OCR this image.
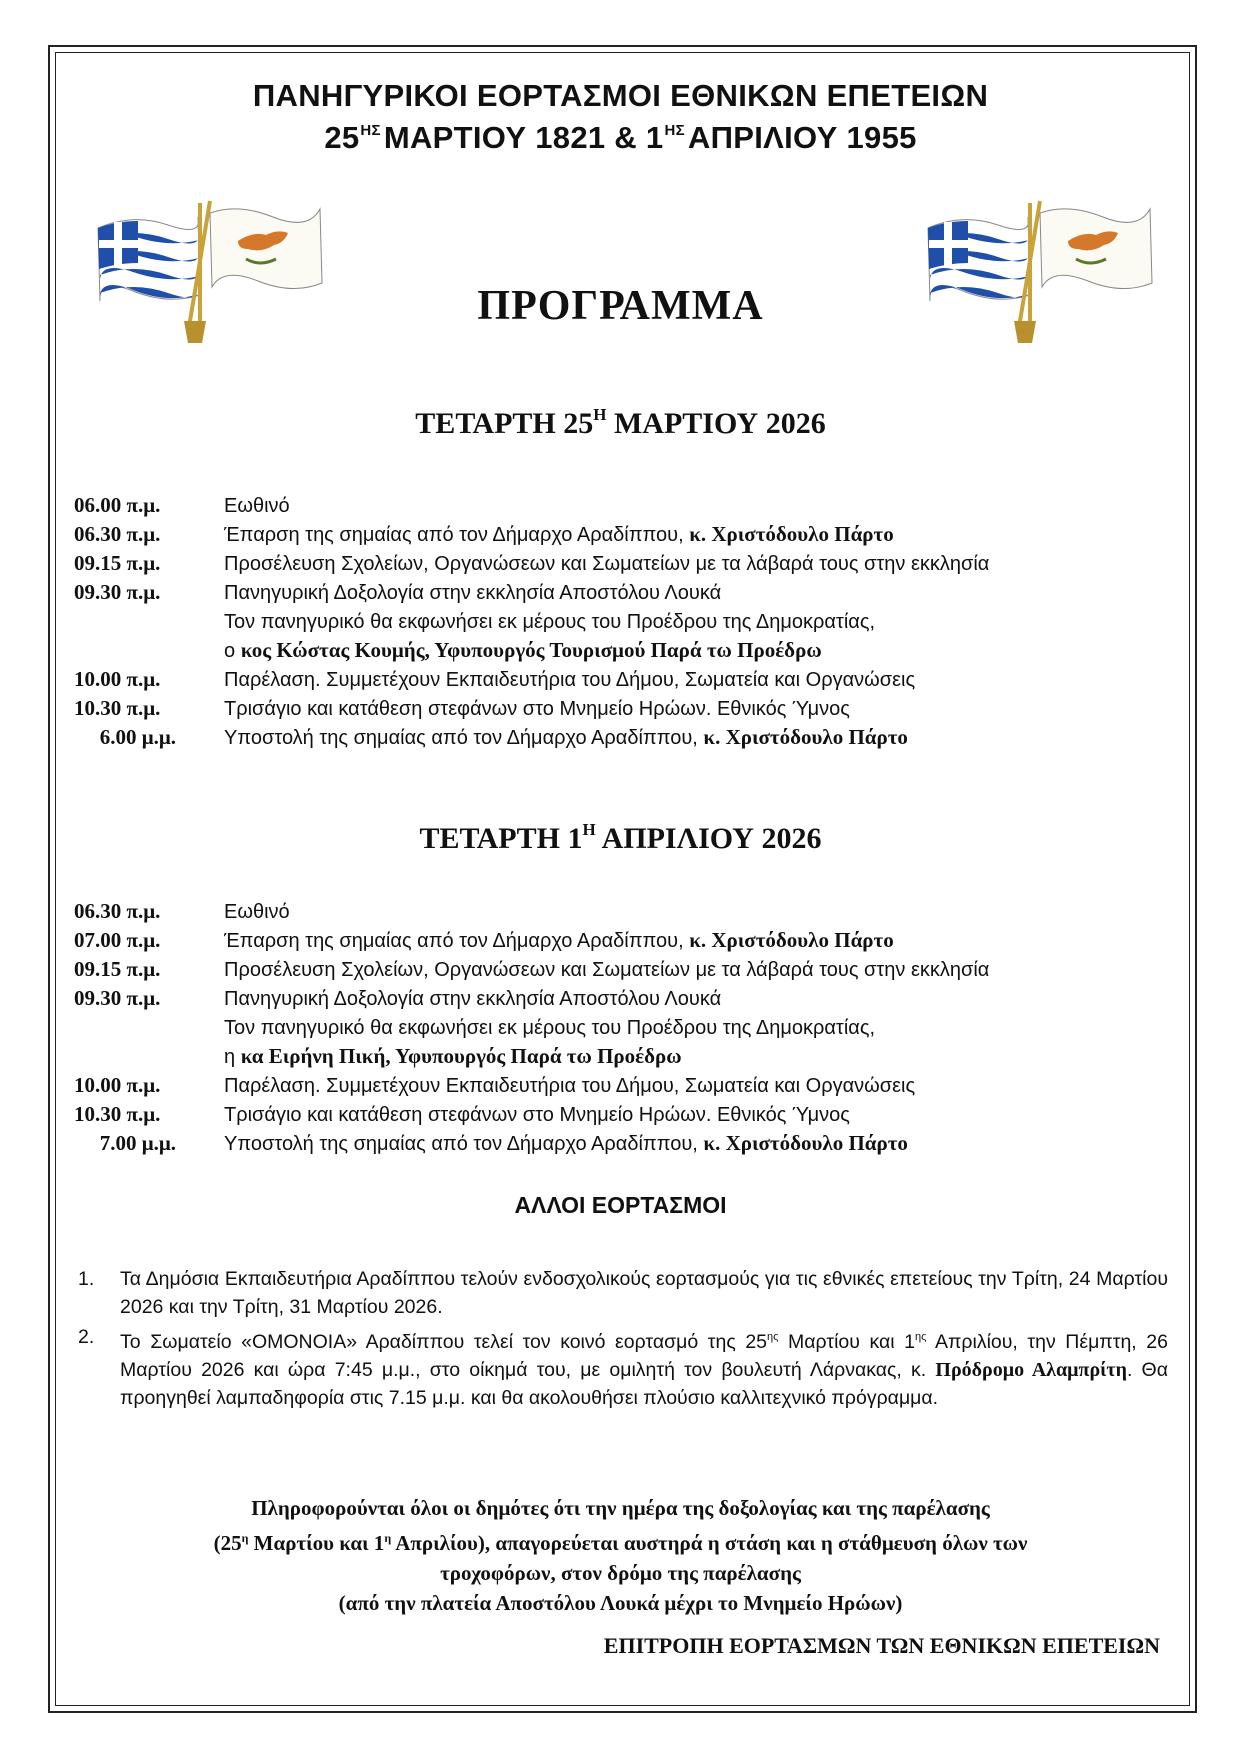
ΠΑΝΗΓΥΡΙΚΟΙ ΕΟΡΤΑΣΜΟΙ ΕΘΝΙΚΩΝ ΕΠΕΤΕΙΩΝ
$25^{H\Sigma}MAPTIO\Upsilon$ 1821 & $1^{H\Sigma}A\Pi PI\Lambda IO\Upsilon$ 1955
ΠΡΟΓΡΑΜΜΑ
ΤΕΤΑΡΤΗ $25^H$ ΜΑΡΤΙΟΥ 2026
06.00 π.μ.	Εωθινό
06.30 π.μ.	Έπαρση της σημαίας από τον Δήμαρχο Αραδίππου, κ. Χριστόδουλο Πάρτο
09.15 π.μ.	Προσέλευση Σχολείων, Οργανώσεων και Σωματείων με τα λάβαρά τους στην εκκλησία
09.30 π.μ.	Πανηγυρική Δοξολογία στην εκκλησία Αποστόλου Λουκά
Τον πανηγυρικό θα εκφωνήσει εκ μέρους του Προέδρου της Δημοκρατίας,
ο κος Κώστας Κουμής, Υφυπουργός Τουρισμού Παρά τω Προέδρω
10.00 π.μ.	Παρέλαση. Συμμετέχουν Εκπαιδευτήρια του Δήμου, Σωματεία και Οργανώσεις
10.30 π.μ.	Τρισάγιο και κατάθεση στεφάνων στο Μνημείο Ηρώων. Εθνικός Ύμνος
6.00 μ.μ. Υποστολή της σημαίας από τον Δήμαρχο Αραδίππου, κ. Χριστόδουλο Πάρτο
ΤΕΤΑΡΤΗ $1^H$ ΑΠΡΙΛΙΟΥ 2026
06.30 π.μ.	Εωθινό
07.00 π.μ.	Έπαρση της σημαίας από τον Δήμαρχο Αραδίππου, κ. Χριστόδουλο Πάρτο
09.15 π.μ.	Προσέλευση Σχολείων, Οργανώσεων και Σωματείων με τα λάβαρά τους στην εκκλησία
09.30 π.μ.	Πανηγυρική Δοξολογία στην εκκλησία Αποστόλου Λουκά
Τον πανηγυρικό θα εκφωνήσει εκ μέρους του Προέδρου της Δημοκρατίας,
η κα Ειρήνη Πική, Υφυπουργός Παρά τω Προέδρω
10.00 π.μ.	Παρέλαση. Συμμετέχουν Εκπαιδευτήρια του Δήμου, Σωματεία και Οργανώσεις
10.30 π.μ.	Τρισάγιο και κατάθεση στεφάνων στο Μνημείο Ηρώων. Εθνικός Ύμνος
7.00 μ.μ. Υποστολή της σημαίας από τον Δήμαρχο Αραδίππου, κ. Χριστόδουλο Πάρτο
ΑΛΛΟΙ ΕΟΡΤΑΣΜΟΙ
1. Τα Δημόσια Εκπαιδευτήρια Αραδίππου τελούν ενδοσχολικούς εορτασμούς για τις εθνικές επετείους την Τρίτη, 24 Μαρτίου 2026 και την Τρίτη, 31 Μαρτίου 2026.
2. Το Σωματείο «ΟΜΟΝΟΙΑ» Αραδίππου τελεί τον κοινό εορτασμό της $25^{\eta\varsigma}$ Μαρτίου και $1^{\eta\varsigma}$ Απριλίου, την Πέμπτη, 26 Μαρτίου 2026 και ώρα 7:45 μ.μ., στο οίκημά του, με ομιλητή τον βουλευτή Λάρνακας, κ. Πρόδρομο Αλαμπρίτη. Θα προηγηθεί λαμπαδηφορία στις 7.15 μ.μ. και θα ακολουθήσει πλούσιο καλλιτεχνικό πρόγραμμα.
Πληροφορούνται όλοι οι δημότες ότι την ημέρα της δοξολογίας και της παρέλασης
($25^\eta$ Μαρτίου και $1^\eta$ Απριλίου), απαγορεύεται αυστηρά η στάση και η στάθμευση όλων των
τροχοφόρων, στον δρόμο της παρέλασης
(από την πλατεία Αποστόλου Λουκά μέχρι το Μνημείο Ηρώων)
ΕΠΙΤΡΟΠΗ ΕΟΡΤΑΣΜΩΝ ΤΩΝ ΕΘΝΙΚΩΝ ΕΠΕΤΕΙΩΝ
